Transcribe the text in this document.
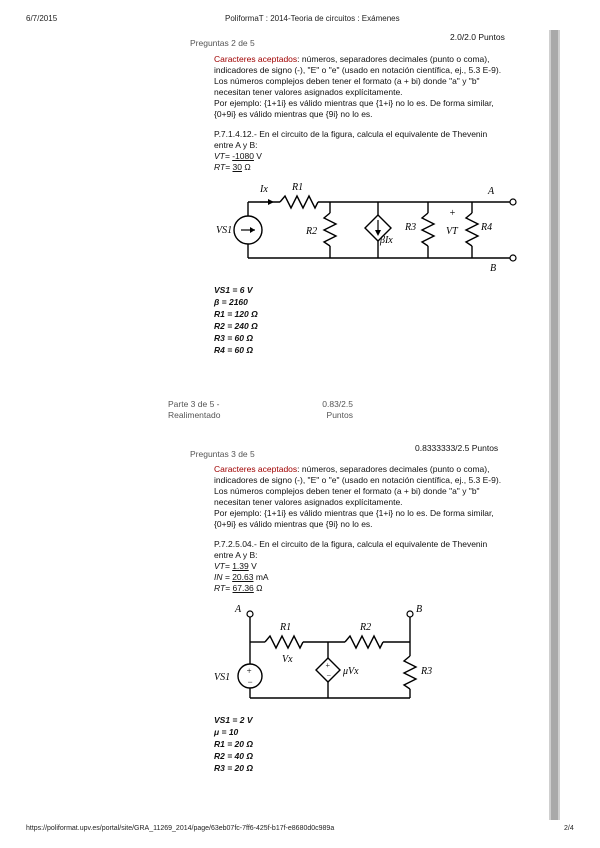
6/7/2015	PoliformaT : 2014-Teoria de circuitos : Exámenes
Preguntas 2 de 5
2.0/2.0 Puntos

Caracteres aceptados: números, separadores decimales (punto o coma),

indicadores de signo (-), "E" o "e" (usado en notación científica, ej., 5.3 E-9).

Los números complejos deben tener el formato (a + bi) donde "a" y "b"

necesitan tener valores asignados explícitamente.

Por ejemplo: {1+1i} es válido mientras que {1+i} no lo es. De forma similar,

{0+9i} es válido mientras que {9i} no lo es.

P.7.1.4.12.- En el circuito de la figura, calcula el equivalente de Thevenin
entre A y B:
VT= -1080 V
RT= 30 Ω
VS1
Ix R1
R2
βIx
R3
+
VT R4
A
B
VS1 = 6 V
β = 2160
R1 = 120 Ω
R2 = 240 Ω
R3 = 60 Ω
R4 = 60 Ω
Parte 3 de 5 -
Realimentado
0.83/2.5
Puntos
Preguntas 3 de 5
0.8333333/2.5 Puntos

Caracteres aceptados: números, separadores decimales (punto o coma),

indicadores de signo (-), "E" o "e" (usado en notación científica, ej., 5.3 E-9).

Los números complejos deben tener el formato (a + bi) donde "a" y "b"

necesitan tener valores asignados explícitamente.

Por ejemplo: {1+1i} es válido mientras que {1+i} no lo es. De forma similar,

{0+9i} es válido mientras que {9i} no lo es.

P.7.2.5.04.- En el circuito de la figura, calcula el equivalente de Thevenin
entre A y B:
VT= 1.39 V
IN = 20.63 mA
RT= 67.36 Ω
+
−
+
−
A	B
R1	R2
Vx
VS1
μVx	R3
VS1 = 2 V
μ = 10
R1 = 20 Ω
R2 = 40 Ω
R3 = 20 Ω
https://poliformat.upv.es/portal/site/GRA_11269_2014/page/63eb07fc-7ff6-425f-b17f-e8680d0c989a	2/4
